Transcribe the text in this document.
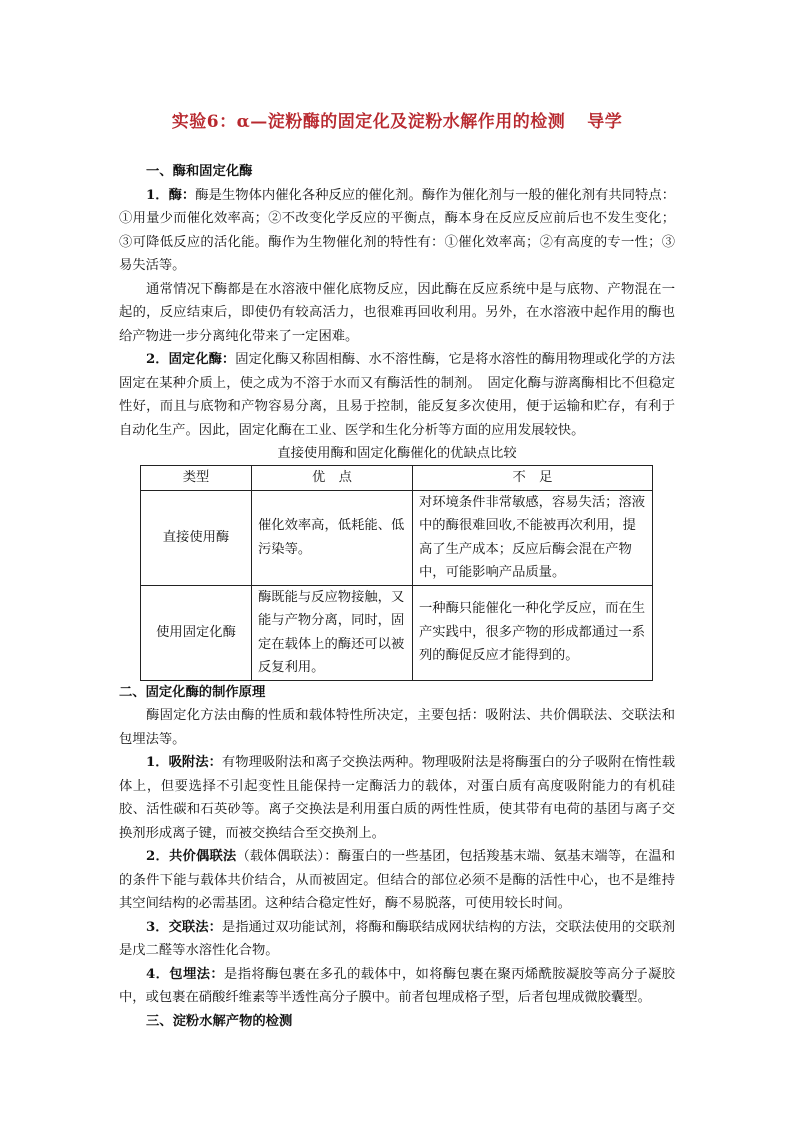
实验6：α—淀粉酶的固定化及淀粉水解作用的检测 导学

一、酶和固定化酶

1．酶：酶是生物体内催化各种反应的催化剂。酶作为催化剂与一般的催化剂有共同特点：①用量少而催化效率高；②不改变化学反应的平衡点，酶本身在反应反应前后也不发生变化；③可降低反应的活化能。酶作为生物催化剂的特性有：①催化效率高；②有高度的专一性；③易失活等。

通常情况下酶都是在水溶液中催化底物反应，因此酶在反应系统中是与底物、产物混在一起的，反应结束后，即使仍有较高活力，也很难再回收利用。另外，在水溶液中起作用的酶也给产物进一步分离纯化带来了一定困难。

2．固定化酶：固定化酶又称固相酶、水不溶性酶，它是将水溶性的酶用物理或化学的方法固定在某种介质上，使之成为不溶于水而又有酶活性的制剂。　固定化酶与游离酶相比不但稳定性好，而且与底物和产物容易分离，且易于控制，能反复多次使用，便于运输和贮存，有利于自动化生产。因此，固定化酶在工业、医学和生化分析等方面的应用发展较快。

直接使用酶和固定化酶催化的优缺点比较

类型	优　点	不　足
直接使用酶	催化效率高，低耗能、低污染等。	对环境条件非常敏感，容易失活；溶液中的酶很难回收,不能被再次利用，提高了生产成本；反应后酶会混在产物中，可能影响产品质量。
使用固定化酶	酶既能与反应物接触，又能与产物分离，同时，固定在载体上的酶还可以被反复利用。	一种酶只能催化一种化学反应，而在生产实践中，很多产物的形成都通过一系列的酶促反应才能得到的。

二、固定化酶的制作原理

酶固定化方法由酶的性质和载体特性所决定，主要包括：吸附法、共价偶联法、交联法和包埋法等。

1．吸附法：有物理吸附法和离子交换法两种。物理吸附法是将酶蛋白的分子吸附在惰性载体上，但要选择不引起变性且能保持一定酶活力的载体，对蛋白质有高度吸附能力的有机硅胶、活性碳和石英砂等。离子交换法是利用蛋白质的两性性质，使其带有电荷的基团与离子交换剂形成离子键，而被交换结合至交换剂上。

2．共价偶联法（载体偶联法）：酶蛋白的一些基团，包括羧基末端、氨基末端等，在温和的条件下能与载体共价结合，从而被固定。但结合的部位必须不是酶的活性中心，也不是维持其空间结构的必需基团。这种结合稳定性好，酶不易脱落，可使用较长时间。

3．交联法：是指通过双功能试剂，将酶和酶联结成网状结构的方法，交联法使用的交联剂是戊二醛等水溶性化合物。

4．包埋法：是指将酶包裹在多孔的载体中，如将酶包裹在聚丙烯酰胺凝胶等高分子凝胶中，或包裹在硝酸纤维素等半透性高分子膜中。前者包埋成格子型，后者包埋成微胶囊型。

三、淀粉水解产物的检测
